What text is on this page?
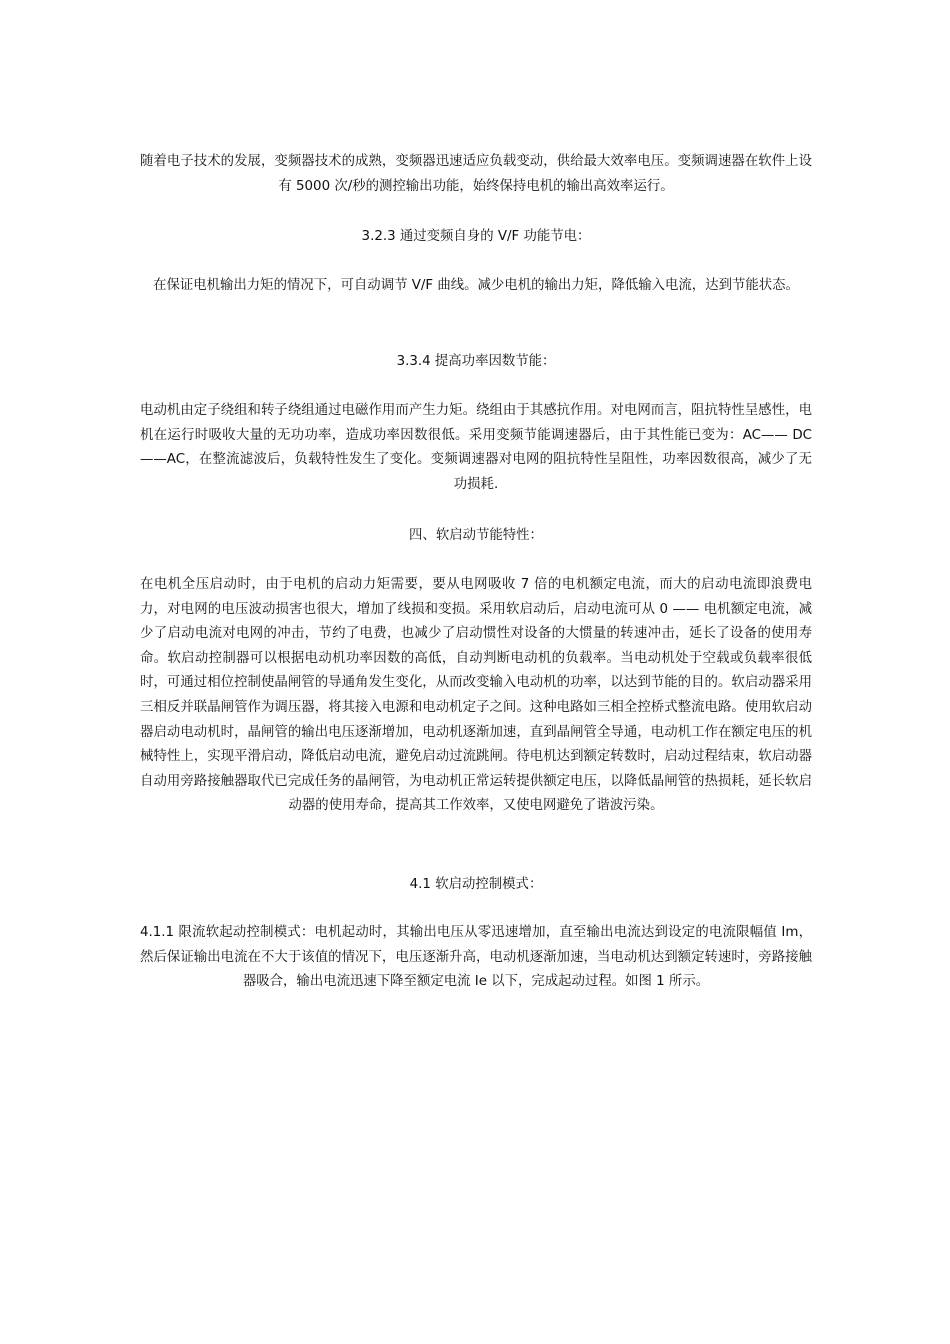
随着电子技术的发展，变频器技术的成熟，变频器迅速适应负载变动，供给最大效率电压。变频调速器在软件上设有 5000 次/秒的测控输出功能，始终保持电机的输出高效率运行。

3.2.3 通过变频自身的 V/F 功能节电：

在保证电机输出力矩的情况下，可自动调节 V/F 曲线。减少电机的输出力矩，降低输入电流，达到节能状态。

3.3.4 提高功率因数节能：

电动机由定子绕组和转子绕组通过电磁作用而产生力矩。绕组由于其感抗作用。对电网而言，阻抗特性呈感性，电机在运行时吸收大量的无功功率，造成功率因数很低。采用变频节能调速器后，由于其性能已变为：AC—— DC ——AC，在整流滤波后，负载特性发生了变化。变频调速器对电网的阻抗特性呈阻性，功率因数很高，减少了无功损耗.

四、软启动节能特性：

在电机全压启动时，由于电机的启动力矩需要，要从电网吸收 7 倍的电机额定电流，而大的启动电流即浪费电力，对电网的电压波动损害也很大，增加了线损和变损。采用软启动后，启动电流可从 0 —— 电机额定电流，减少了启动电流对电网的冲击，节约了电费，也减少了启动惯性对设备的大惯量的转速冲击，延长了设备的使用寿命。软启动控制器可以根据电动机功率因数的高低，自动判断电动机的负载率。当电动机处于空载或负载率很低时，可通过相位控制使晶闸管的导通角发生变化，从而改变输入电动机的功率，以达到节能的目的。软启动器采用三相反并联晶闸管作为调压器，将其接入电源和电动机定子之间。这种电路如三相全控桥式整流电路。使用软启动器启动电动机时，晶闸管的输出电压逐渐增加，电动机逐渐加速，直到晶闸管全导通，电动机工作在额定电压的机械特性上，实现平滑启动，降低启动电流，避免启动过流跳闸。待电机达到额定转数时，启动过程结束，软启动器自动用旁路接触器取代已完成任务的晶闸管，为电动机正常运转提供额定电压，以降低晶闸管的热损耗，延长软启动器的使用寿命，提高其工作效率，又使电网避免了谐波污染。

4.1 软启动控制模式：

4.1.1 限流软起动控制模式：电机起动时，其输出电压从零迅速增加，直至输出电流达到设定的电流限幅值 Im，然后保证输出电流在不大于该值的情况下，电压逐渐升高，电动机逐渐加速，当电动机达到额定转速时，旁路接触器吸合，输出电流迅速下降至额定电流 Ie 以下，完成起动过程。如图 1 所示。
